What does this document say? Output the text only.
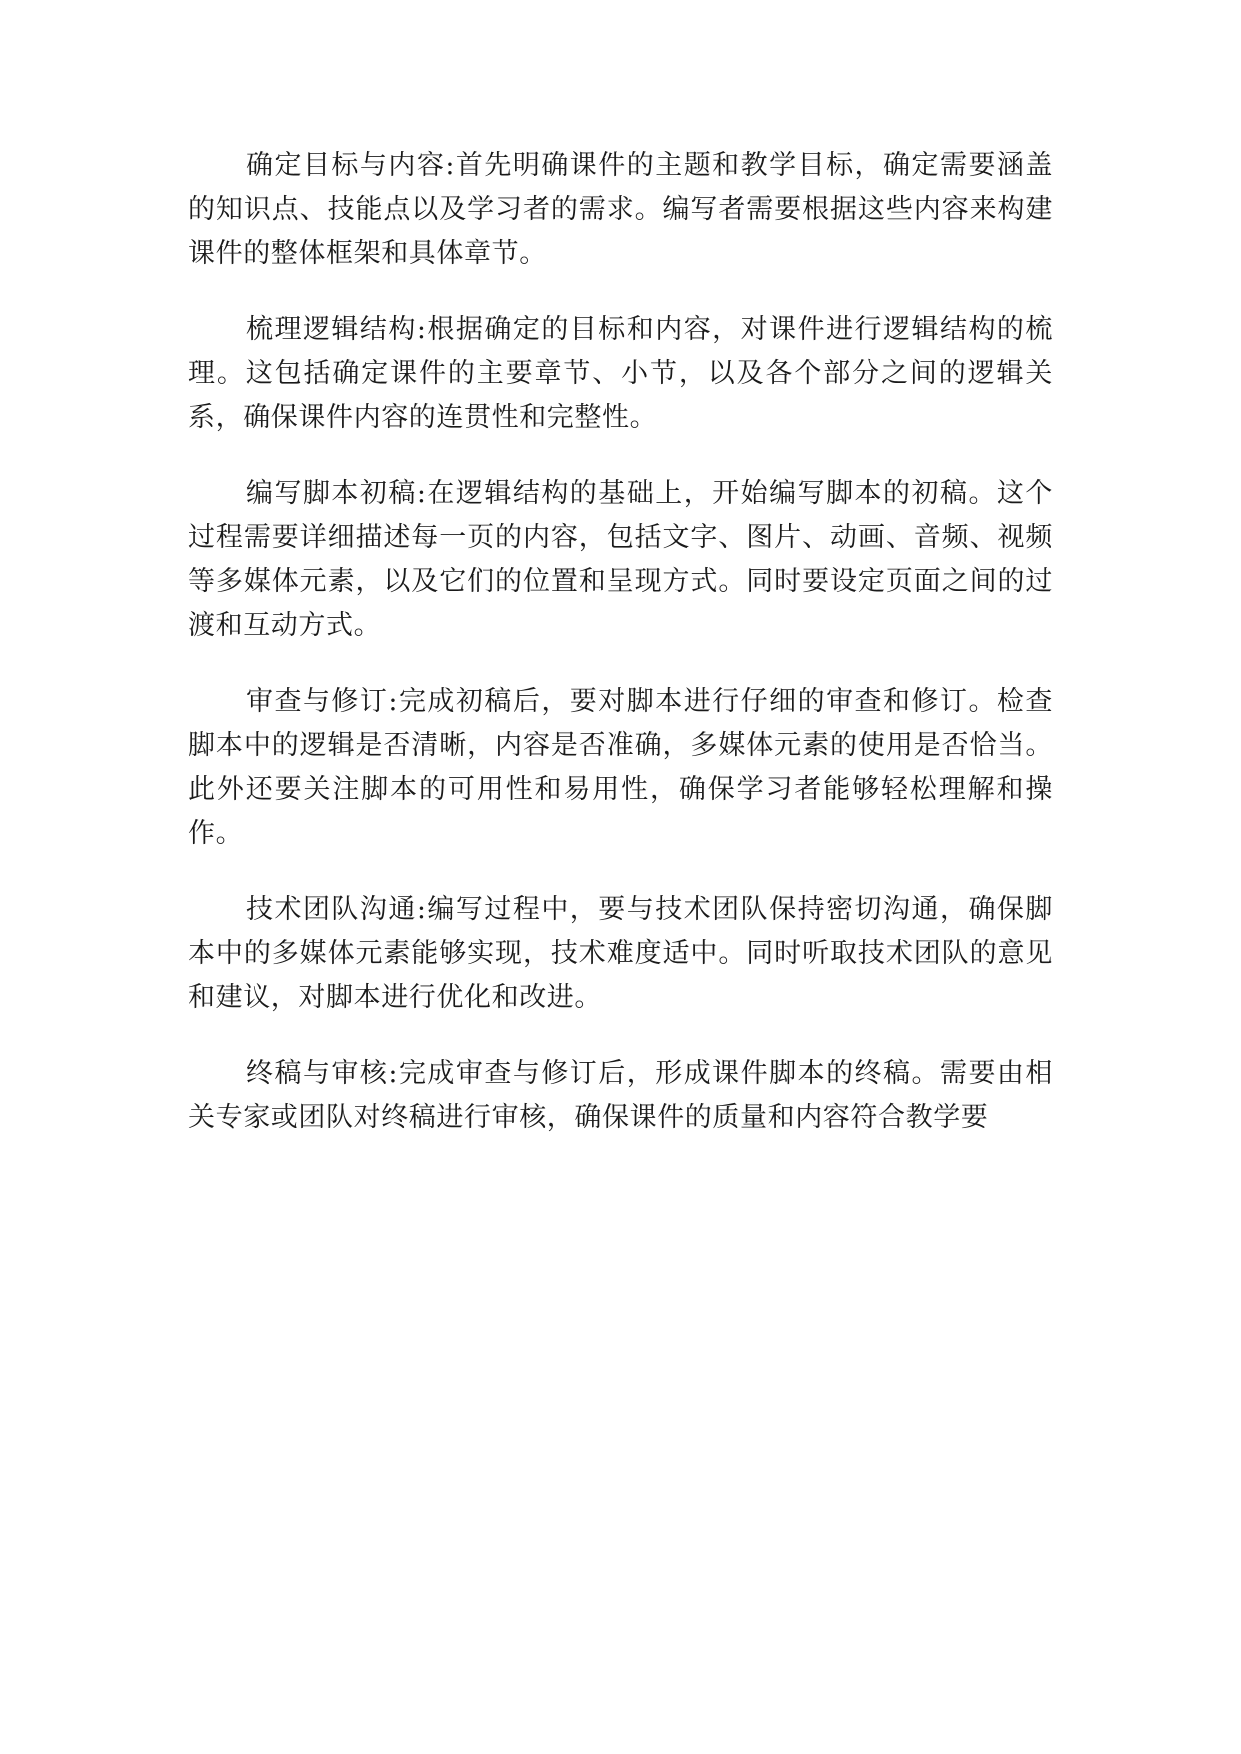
确定目标与内容:首先明确课件的主题和教学目标，确定需要涵盖的知识点、技能点以及学习者的需求。编写者需要根据这些内容来构建课件的整体框架和具体章节。

梳理逻辑结构:根据确定的目标和内容，对课件进行逻辑结构的梳理。这包括确定课件的主要章节、小节，以及各个部分之间的逻辑关系，确保课件内容的连贯性和完整性。

编写脚本初稿:在逻辑结构的基础上，开始编写脚本的初稿。这个过程需要详细描述每一页的内容，包括文字、图片、动画、音频、视频等多媒体元素，以及它们的位置和呈现方式。同时要设定页面之间的过渡和互动方式。

审查与修订:完成初稿后，要对脚本进行仔细的审查和修订。检查脚本中的逻辑是否清晰，内容是否准确，多媒体元素的使用是否恰当。此外还要关注脚本的可用性和易用性，确保学习者能够轻松理解和操作。

技术团队沟通:编写过程中，要与技术团队保持密切沟通，确保脚本中的多媒体元素能够实现，技术难度适中。同时听取技术团队的意见和建议，对脚本进行优化和改进。

终稿与审核:完成审查与修订后，形成课件脚本的终稿。需要由相关专家或团队对终稿进行审核，确保课件的质量和内容符合教学要
